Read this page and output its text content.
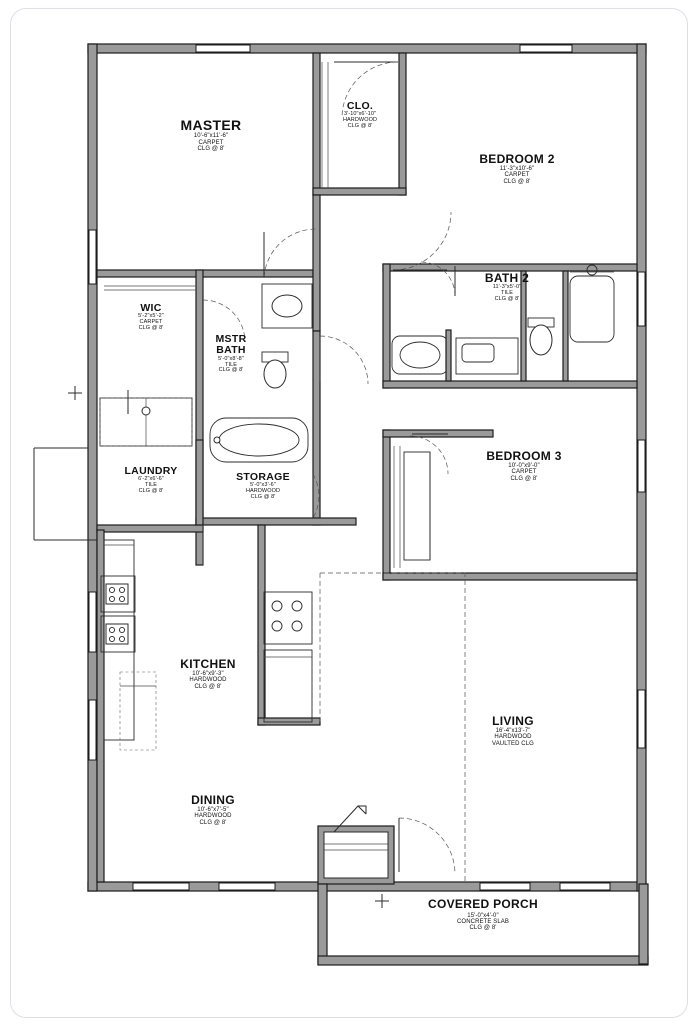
MASTER
10'-6"x11'-6"
CARPET
CLG @ 8'
CLO.
3'-10"x6'-10"
HARDWOOD
CLG @ 8'
BEDROOM 2
11'-3"x10'-6"
CARPET
CLG @ 8'
WIC
5'-2"x5'-2"
CARPET
CLG @ 8'
MSTR BATH
5'-0"x8'-8"
TILE
CLG @ 8'
BATH 2
11'-3"x5'-0"
TILE
CLG @ 8'
BEDROOM 3
10'-0"x9'-0"
CARPET
CLG @ 8'
LAUNDRY
6'-2"x6'-6"
TILE
CLG @ 8'
STORAGE
5'-0"x3'-6"
HARDWOOD
CLG @ 8'
KITCHEN
10'-6"x9'-3"
HARDWOOD
CLG @ 8'
LIVING
16'-4"x13'-7"
HARDWOOD
VAULTED CLG
DINING
10'-6"x7'-5"
HARDWOOD
CLG @ 8'
COVERED PORCH
15'-0"x4'-0"
CONCRETE SLAB
CLG @ 8'
